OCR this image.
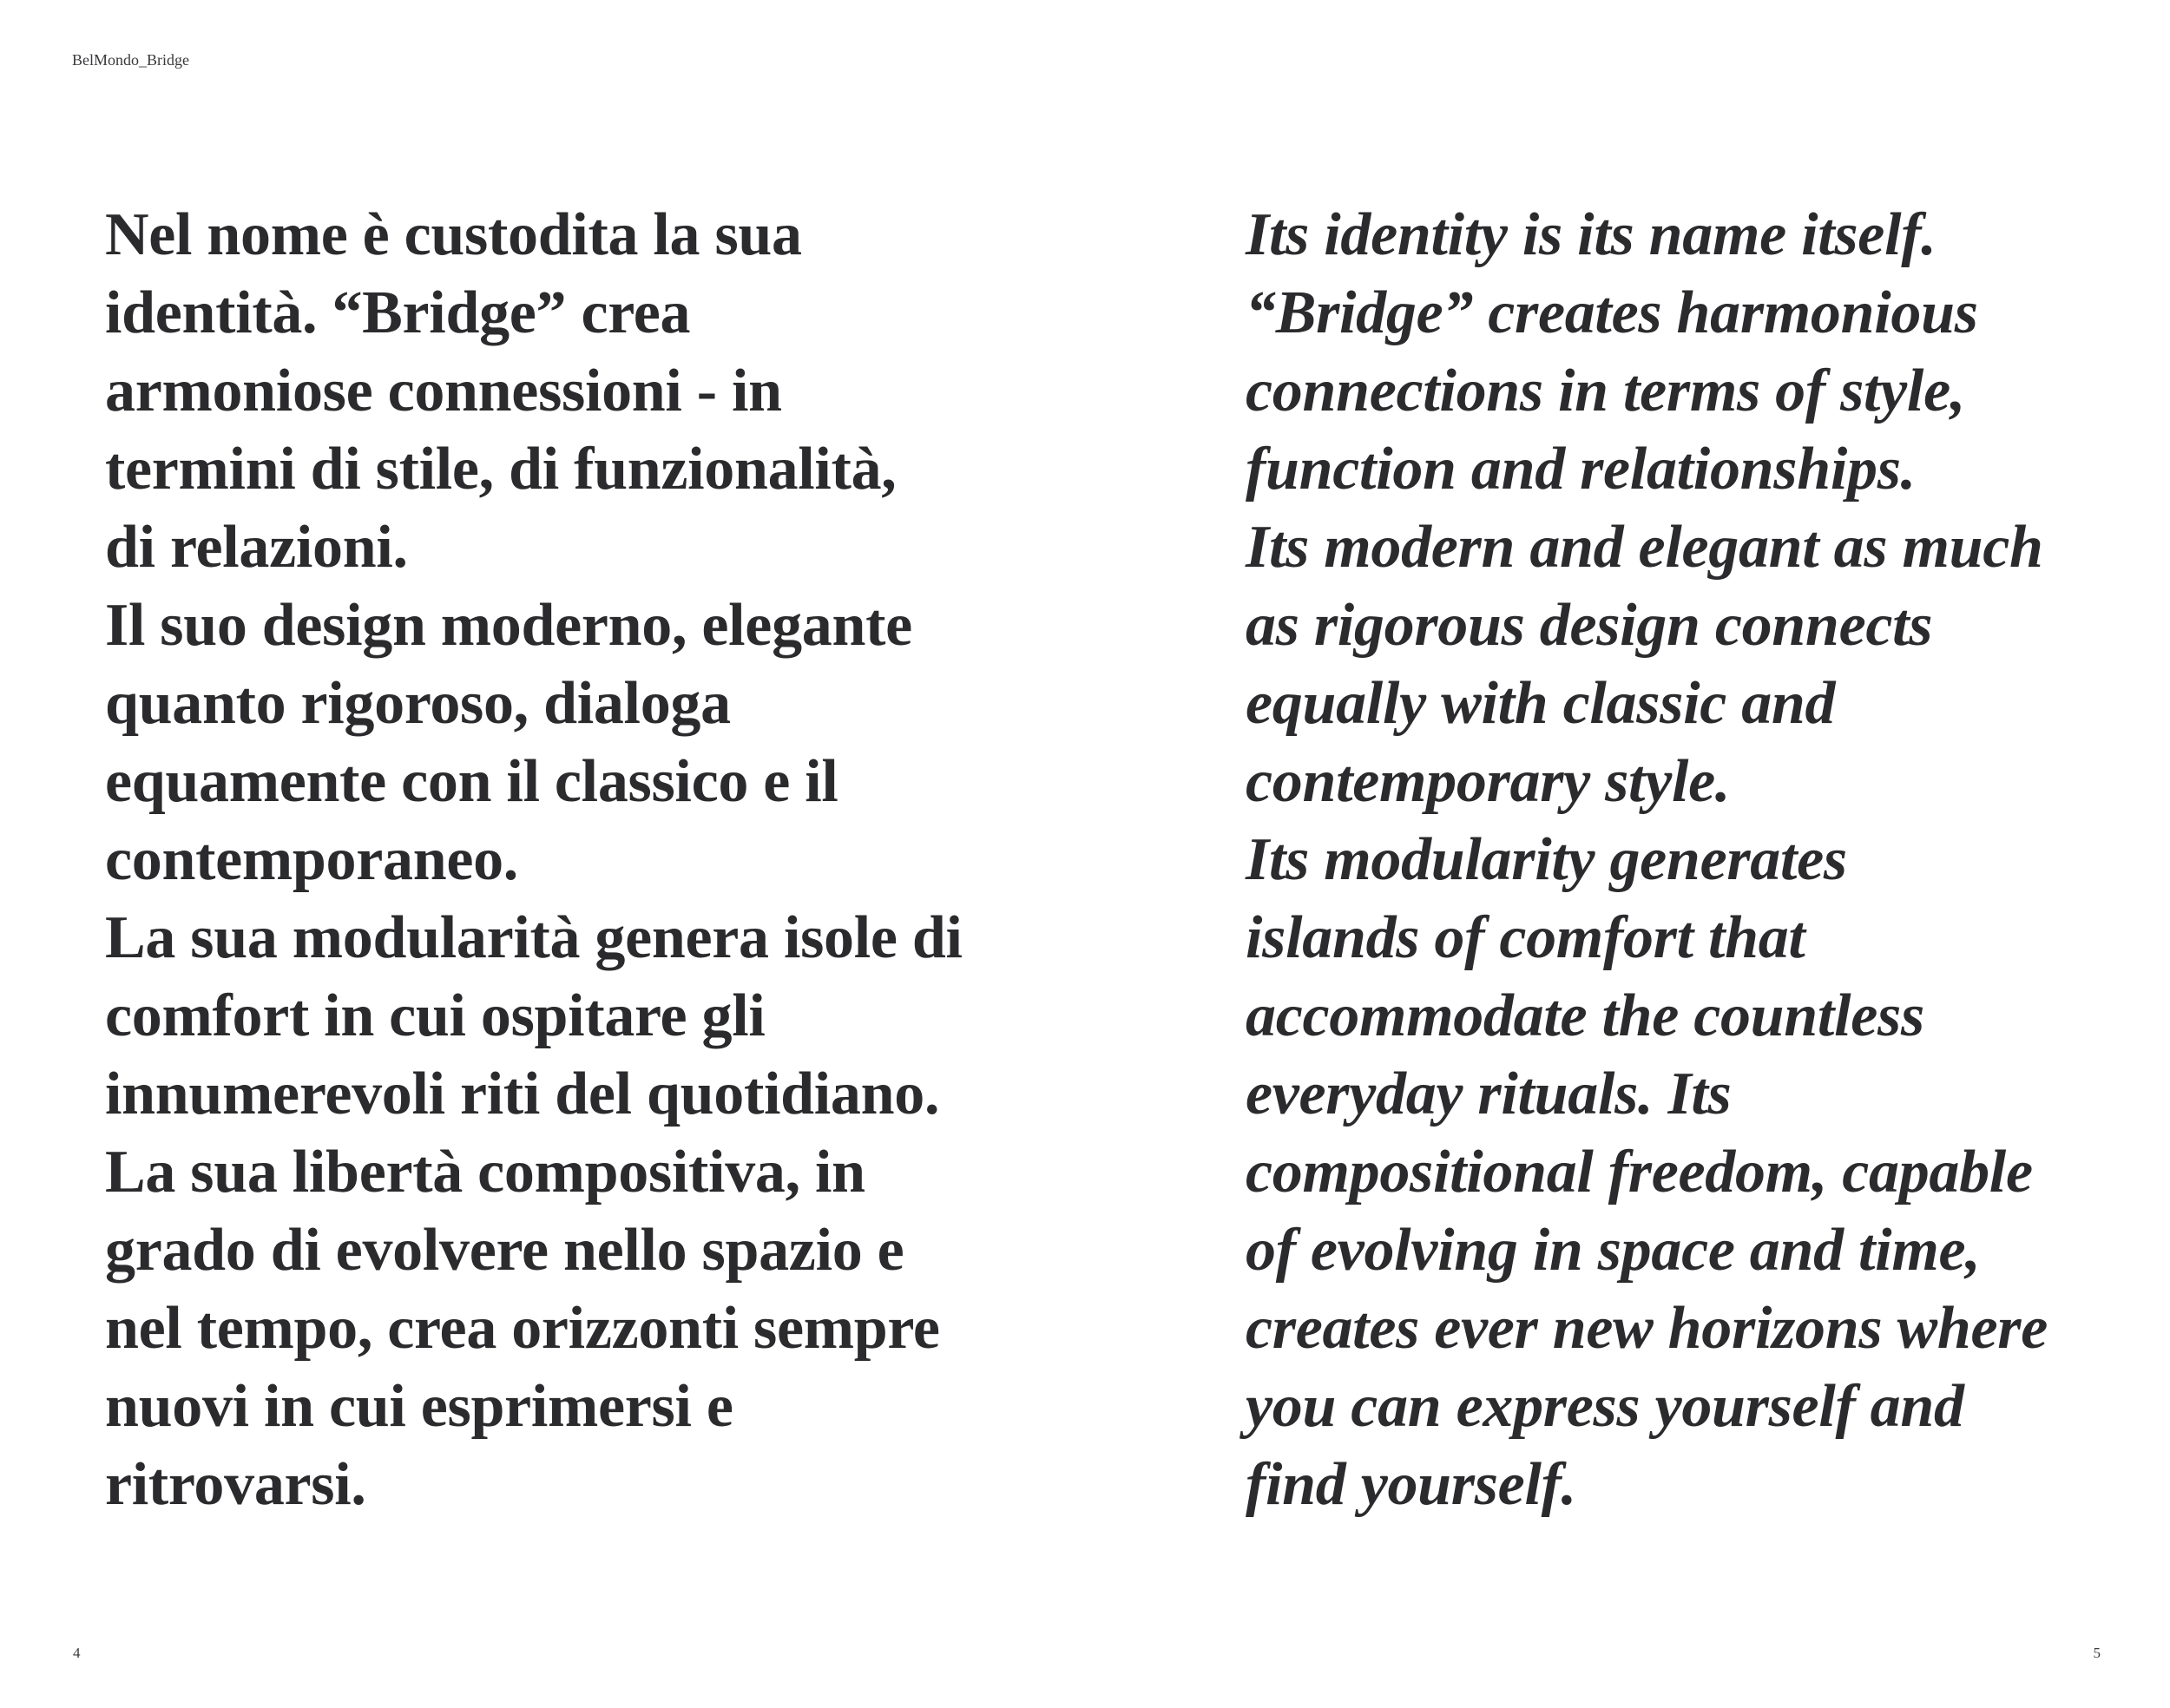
BelMondo_Bridge
Nel nome è custodita la sua
identità. “Bridge” crea
armoniose connessioni - in
termini di stile, di funzionalità,
di relazioni.
Il suo design moderno, elegante
quanto rigoroso, dialoga
equamente con il classico e il
contemporaneo.
La sua modularità genera isole di
comfort in cui ospitare gli
innumerevoli riti del quotidiano.
La sua libertà compositiva, in
grado di evolvere nello spazio e
nel tempo, crea orizzonti sempre
nuovi in cui esprimersi e
ritrovarsi.
Its identity is its name itself.
“Bridge” creates harmonious
connections in terms of style,
function and relationships.
Its modern and elegant as much
as rigorous design connects
equally with classic and
contemporary style.
Its modularity generates
islands of comfort that
accommodate the countless
everyday rituals. Its
compositional freedom, capable
of evolving in space and time,
creates ever new horizons where
you can express yourself and
find yourself.
4	5
